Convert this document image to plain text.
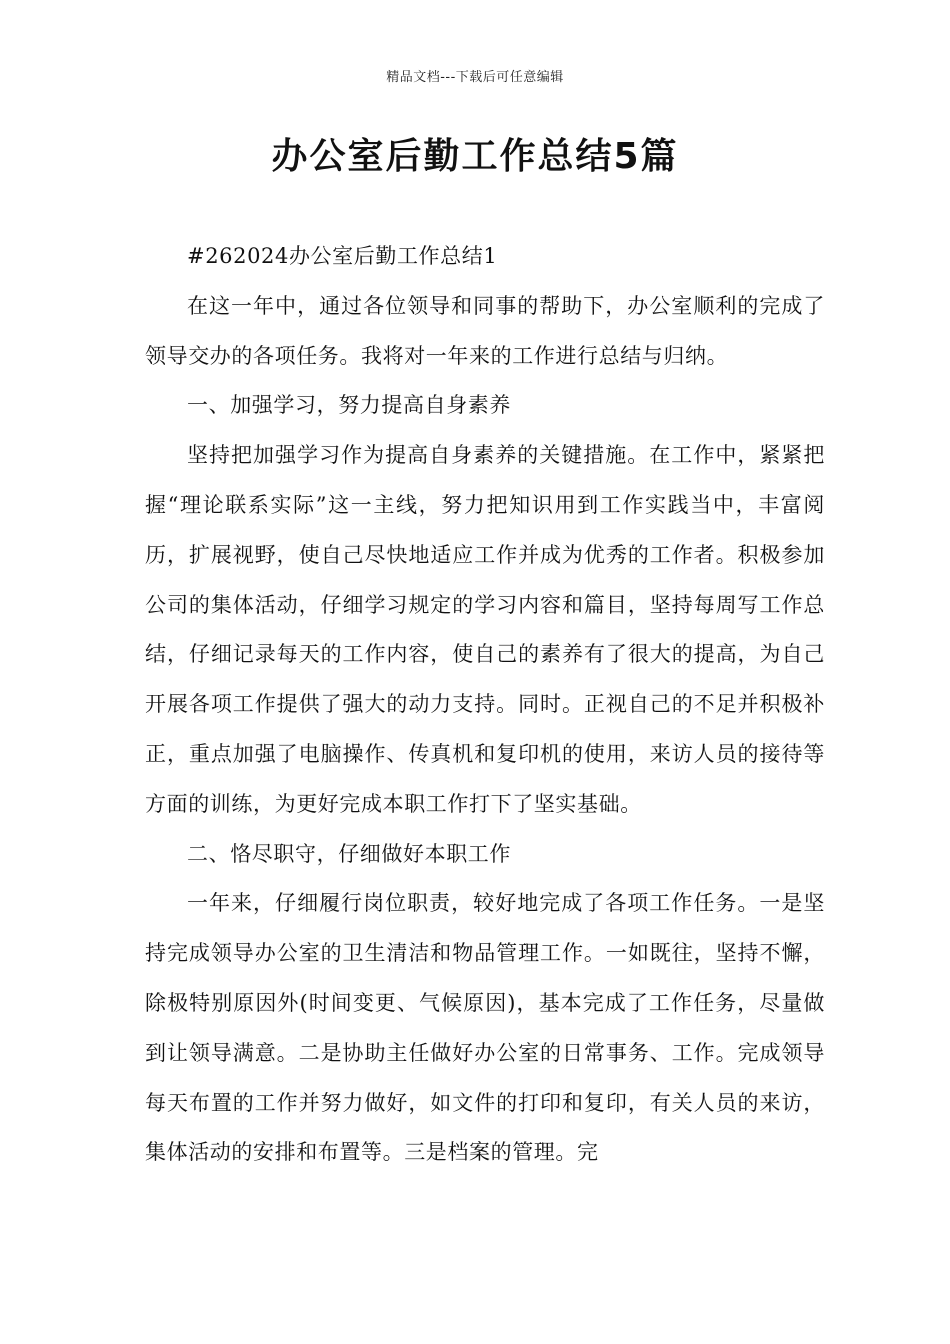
精品文档---下载后可任意编辑
办公室后勤工作总结5篇

#262024办公室后勤工作总结1

在这一年中，通过各位领导和同事的帮助下，办公室顺利的完成了领导交办的各项任务。我将对一年来的工作进行总结与归纳。

一、加强学习，努力提高自身素养

坚持把加强学习作为提高自身素养的关键措施。在工作中，紧紧把握“理论联系实际”这一主线，努力把知识用到工作实践当中，丰富阅历，扩展视野，使自己尽快地适应工作并成为优秀的工作者。积极参加公司的集体活动，仔细学习规定的学习内容和篇目，坚持每周写工作总结，仔细记录每天的工作内容，使自己的素养有了很大的提高，为自己开展各项工作提供了强大的动力支持。同时。正视自己的不足并积极补正，重点加强了电脑操作、传真机和复印机的使用，来访人员的接待等方面的训练，为更好完成本职工作打下了坚实基础。

二、恪尽职守，仔细做好本职工作

一年来，仔细履行岗位职责，较好地完成了各项工作任务。一是坚持完成领导办公室的卫生清洁和物品管理工作。一如既往，坚持不懈，除极特别原因外(时间变更、气候原因)，基本完成了工作任务，尽量做到让领导满意。二是协助主任做好办公室的日常事务、工作。完成领导每天布置的工作并努力做好，如文件的打印和复印，有关人员的来访，集体活动的安排和布置等。三是档案的管理。完
